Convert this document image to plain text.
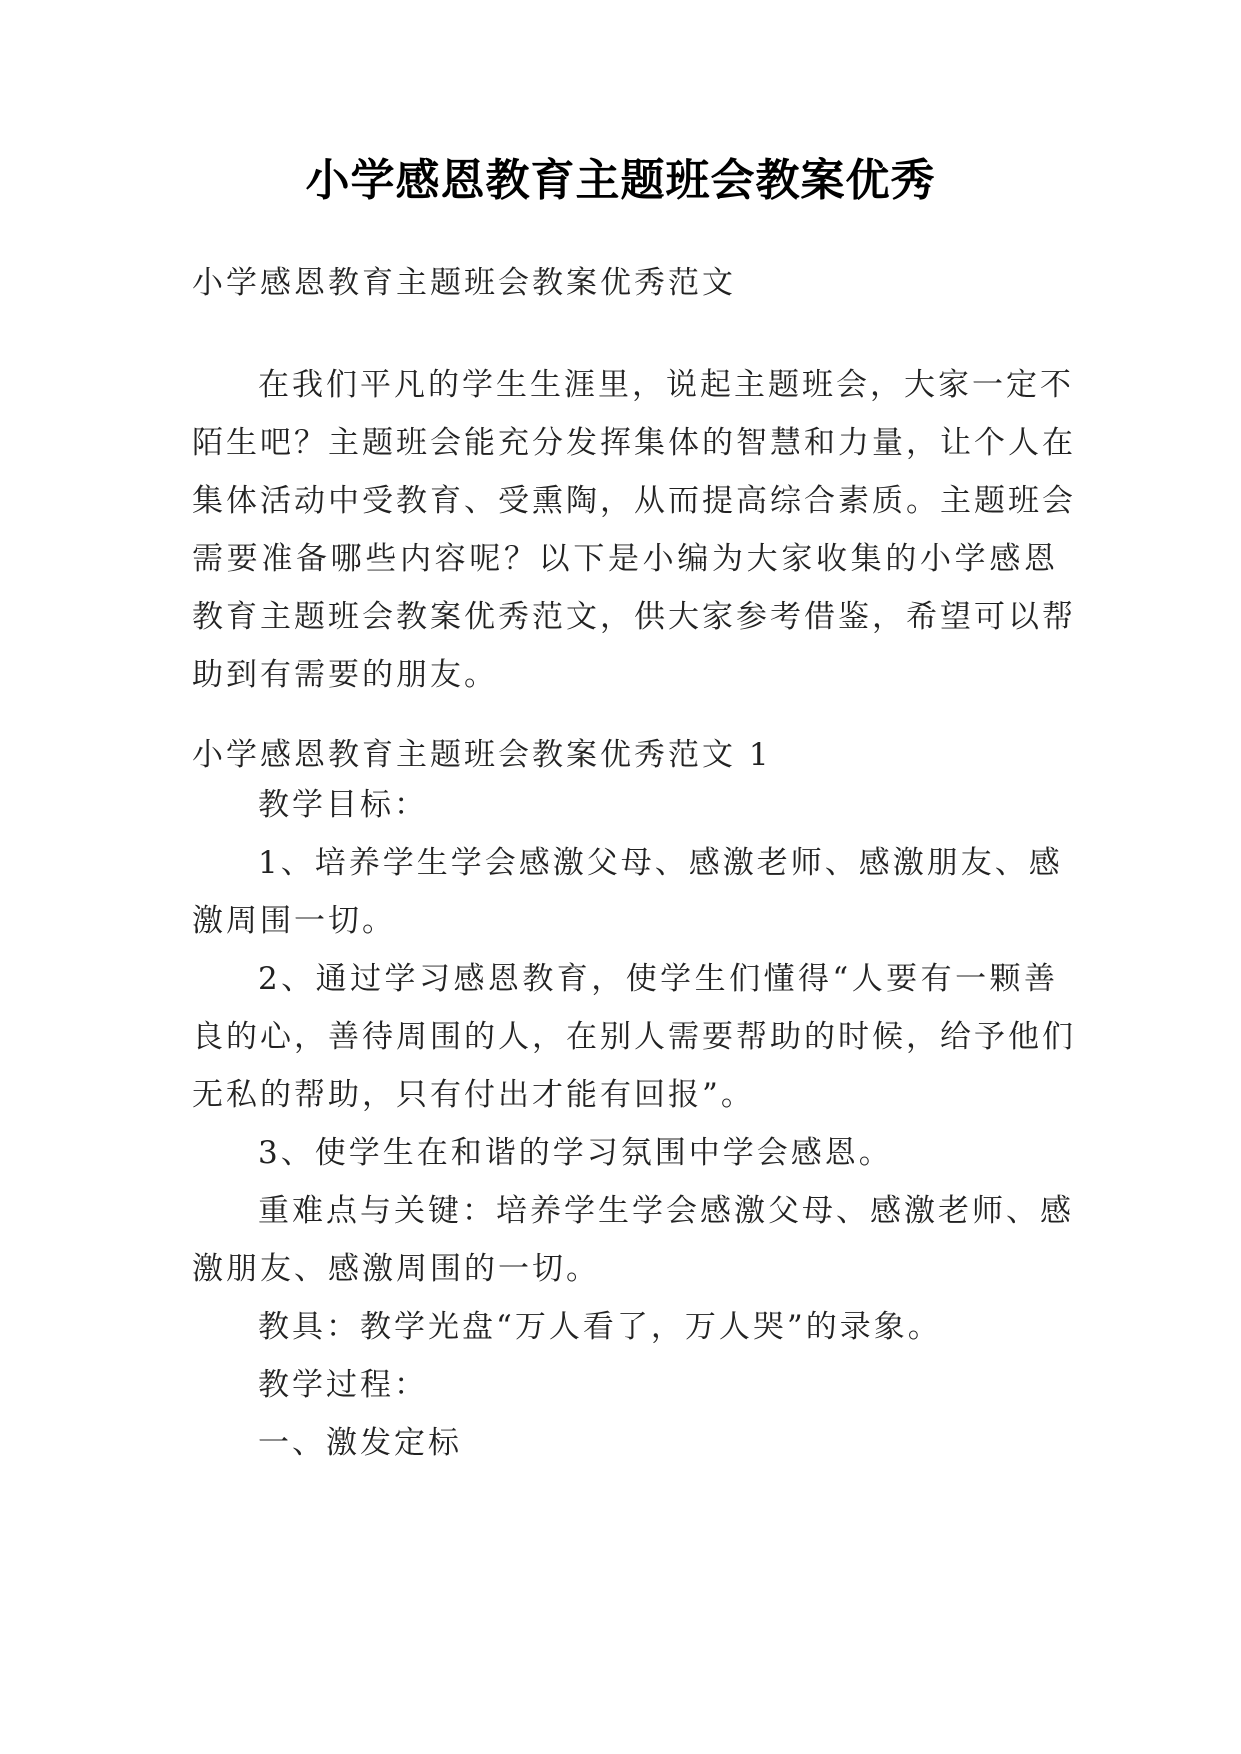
小学感恩教育主题班会教案优秀
小学感恩教育主题班会教案优秀范文
在我们平凡的学生生涯里，说起主题班会，大家一定不
陌生吧？主题班会能充分发挥集体的智慧和力量，让个人在
集体活动中受教育、受熏陶，从而提高综合素质。主题班会
需要准备哪些内容呢？以下是小编为大家收集的小学感恩
教育主题班会教案优秀范文，供大家参考借鉴，希望可以帮
助到有需要的朋友。
小学感恩教育主题班会教案优秀范文 1
教学目标：
1、培养学生学会感激父母、感激老师、感激朋友、感
激周围一切。
2、通过学习感恩教育，使学生们懂得“人要有一颗善
良的心，善待周围的人，在别人需要帮助的时候，给予他们
无私的帮助，只有付出才能有回报”。
3、使学生在和谐的学习氛围中学会感恩。
重难点与关键：培养学生学会感激父母、感激老师、感
激朋友、感激周围的一切。
教具：教学光盘“万人看了，万人哭”的录象。
教学过程：
一、激发定标
